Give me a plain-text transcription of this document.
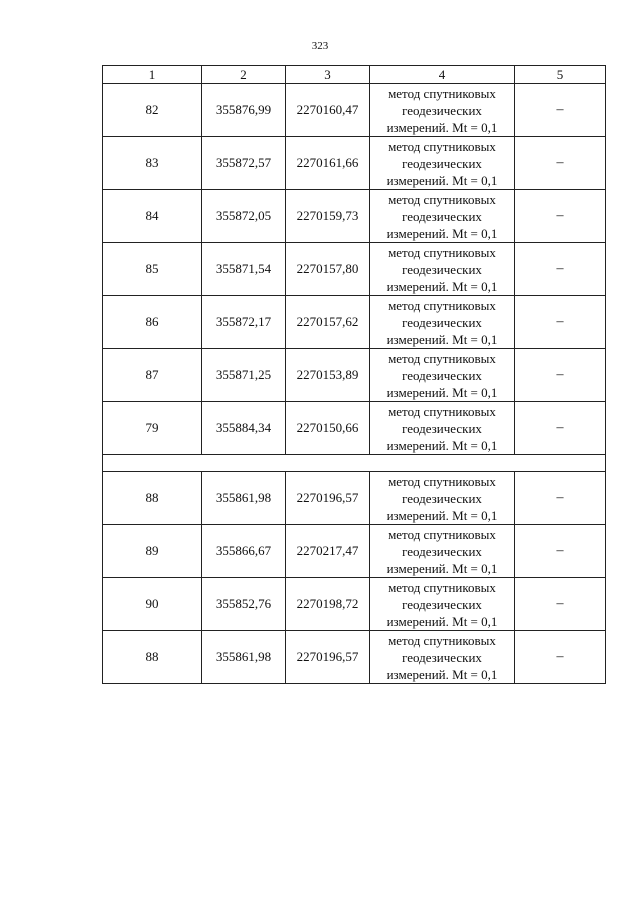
323
1	2	3	4	5
82	355876,99	2270160,47	метод спутниковых
геодезических
измерений. Mt = 0,1	–
83	355872,57	2270161,66	метод спутниковых
геодезических
измерений. Mt = 0,1	–
84	355872,05	2270159,73	метод спутниковых
геодезических
измерений. Mt = 0,1	–
85	355871,54	2270157,80	метод спутниковых
геодезических
измерений. Mt = 0,1	–
86	355872,17	2270157,62	метод спутниковых
геодезических
измерений. Mt = 0,1	–
87	355871,25	2270153,89	метод спутниковых
геодезических
измерений. Mt = 0,1	–
79	355884,34	2270150,66	метод спутниковых
геодезических
измерений. Mt = 0,1	–

88	355861,98	2270196,57	метод спутниковых
геодезических
измерений. Mt = 0,1	–
89	355866,67	2270217,47	метод спутниковых
геодезических
измерений. Mt = 0,1	–
90	355852,76	2270198,72	метод спутниковых
геодезических
измерений. Mt = 0,1	–
88	355861,98	2270196,57	метод спутниковых
геодезических
измерений. Mt = 0,1	–
